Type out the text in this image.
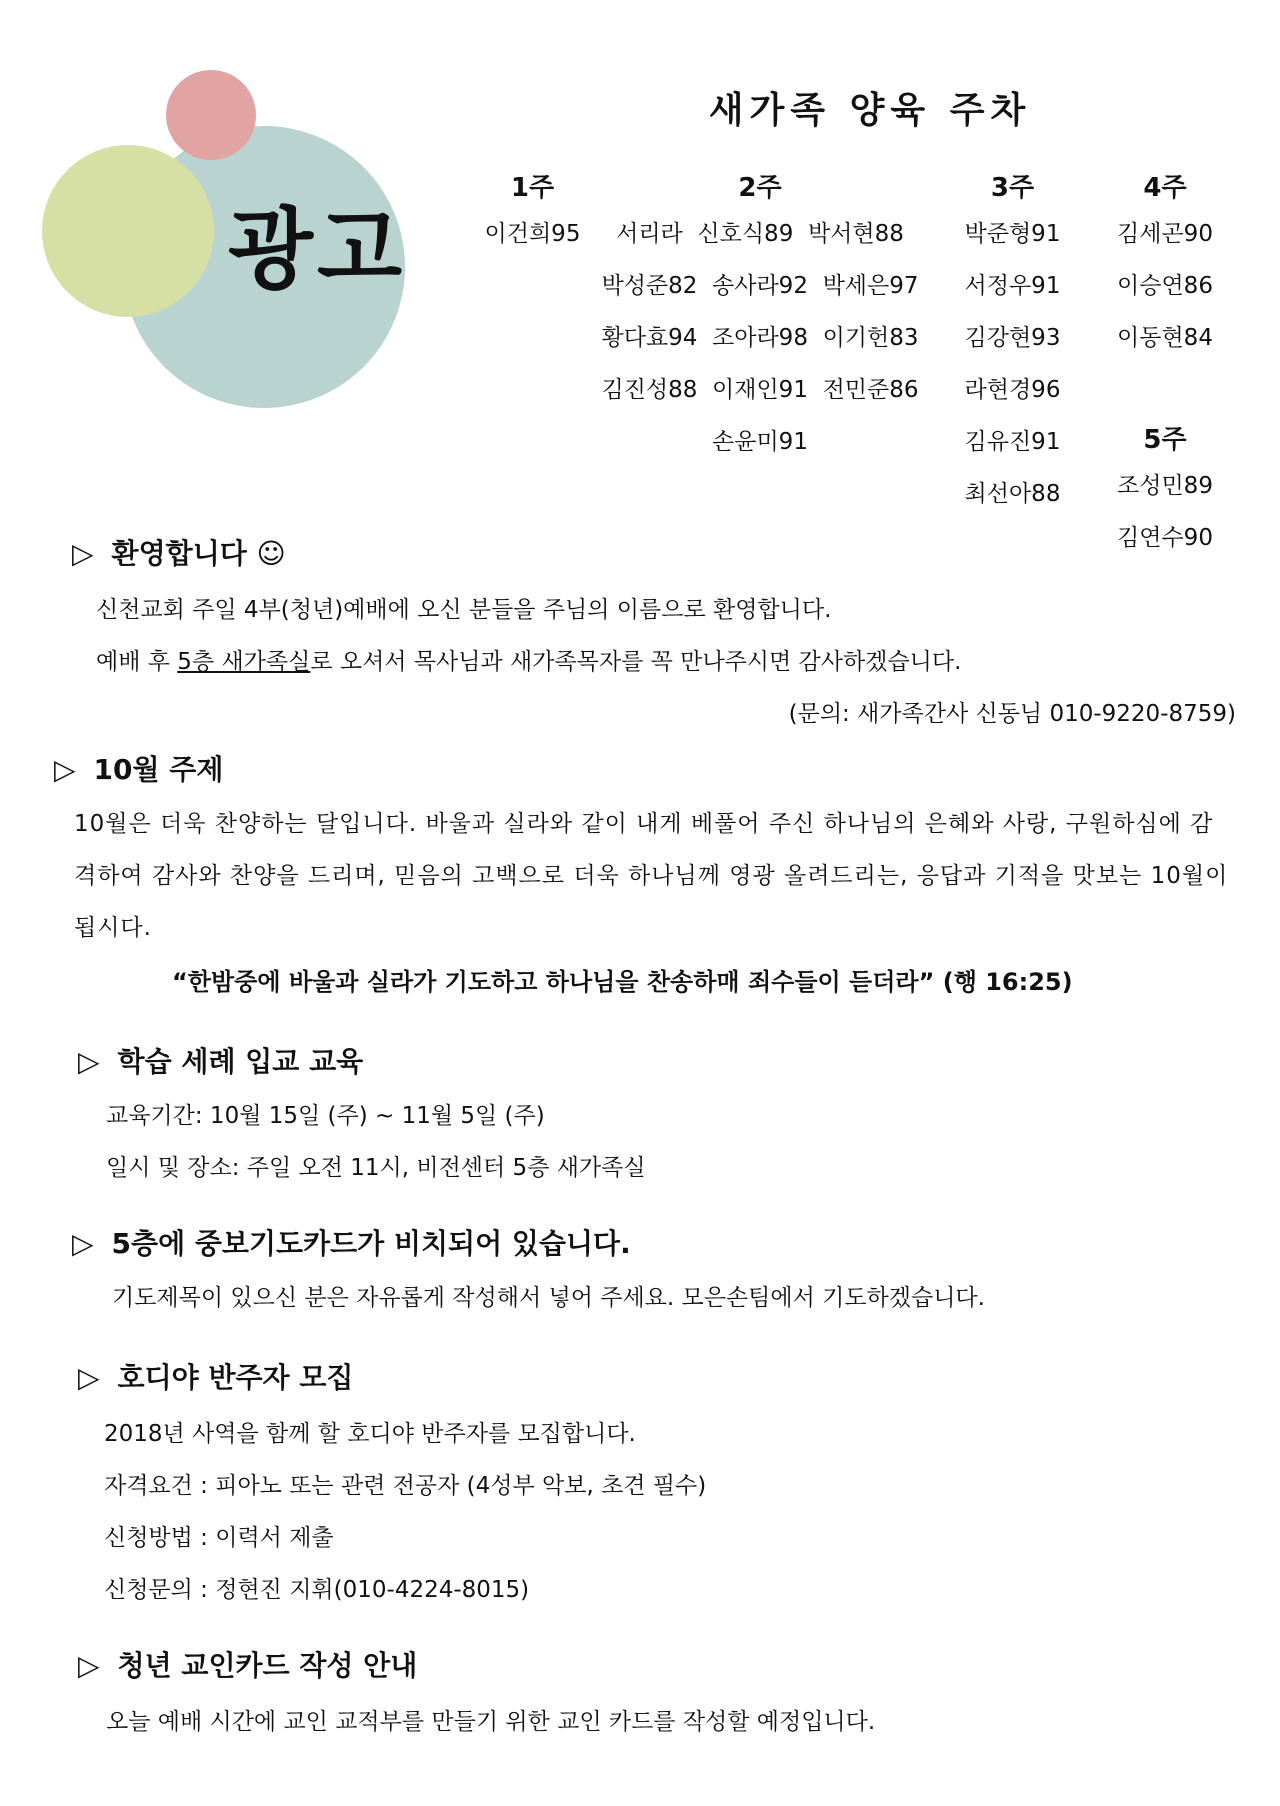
광고
새가족 양육 주차
1주
이건희95
2주
서리라  신호식89  박서현88
박성준82  송사라92  박세은97
황다효94  조아라98  이기헌83
김진성88  이재인91  전민준86
손윤미91
3주
박준형91
서정우91
김강현93
라현경96
김유진91
최선아88
4주
김세곤90
이승연86
이동현84
5주
조성민89
김연수90
▷ 환영합니다 ☺
신천교회 주일 4부(청년)예배에 오신 분들을 주님의 이름으로 환영합니다.
예배 후 5층 새가족실로 오셔서 목사님과 새가족목자를 꼭 만나주시면 감사하겠습니다.
(문의: 새가족간사 신동님 010-9220-8759)
▷ 10월 주제
10월은 더욱 찬양하는 달입니다. 바울과 실라와 같이 내게 베풀어 주신 하나님의 은혜와 사랑, 구원하심에 감격하여 감사와 찬양을 드리며, 믿음의 고백으로 더욱 하나님께 영광 올려드리는, 응답과 기적을 맛보는 10월이 됩시다.
“한밤중에 바울과 실라가 기도하고 하나님을 찬송하매 죄수들이 듣더라” (행 16:25)
▷ 학습 세례 입교 교육
교육기간: 10월 15일 (주) ~ 11월 5일 (주)
일시 및 장소: 주일 오전 11시, 비전센터 5층 새가족실
▷ 5층에 중보기도카드가 비치되어 있습니다.
기도제목이 있으신 분은 자유롭게 작성해서 넣어 주세요. 모은손팀에서 기도하겠습니다.
▷ 호디야 반주자 모집
2018년 사역을 함께 할 호디야 반주자를 모집합니다.
자격요건 : 피아노 또는 관련 전공자 (4성부 악보, 초견 필수)
신청방법 : 이력서 제출
신청문의 : 정현진 지휘(010-4224-8015)
▷ 청년 교인카드 작성 안내
오늘 예배 시간에 교인 교적부를 만들기 위한 교인 카드를 작성할 예정입니다.
